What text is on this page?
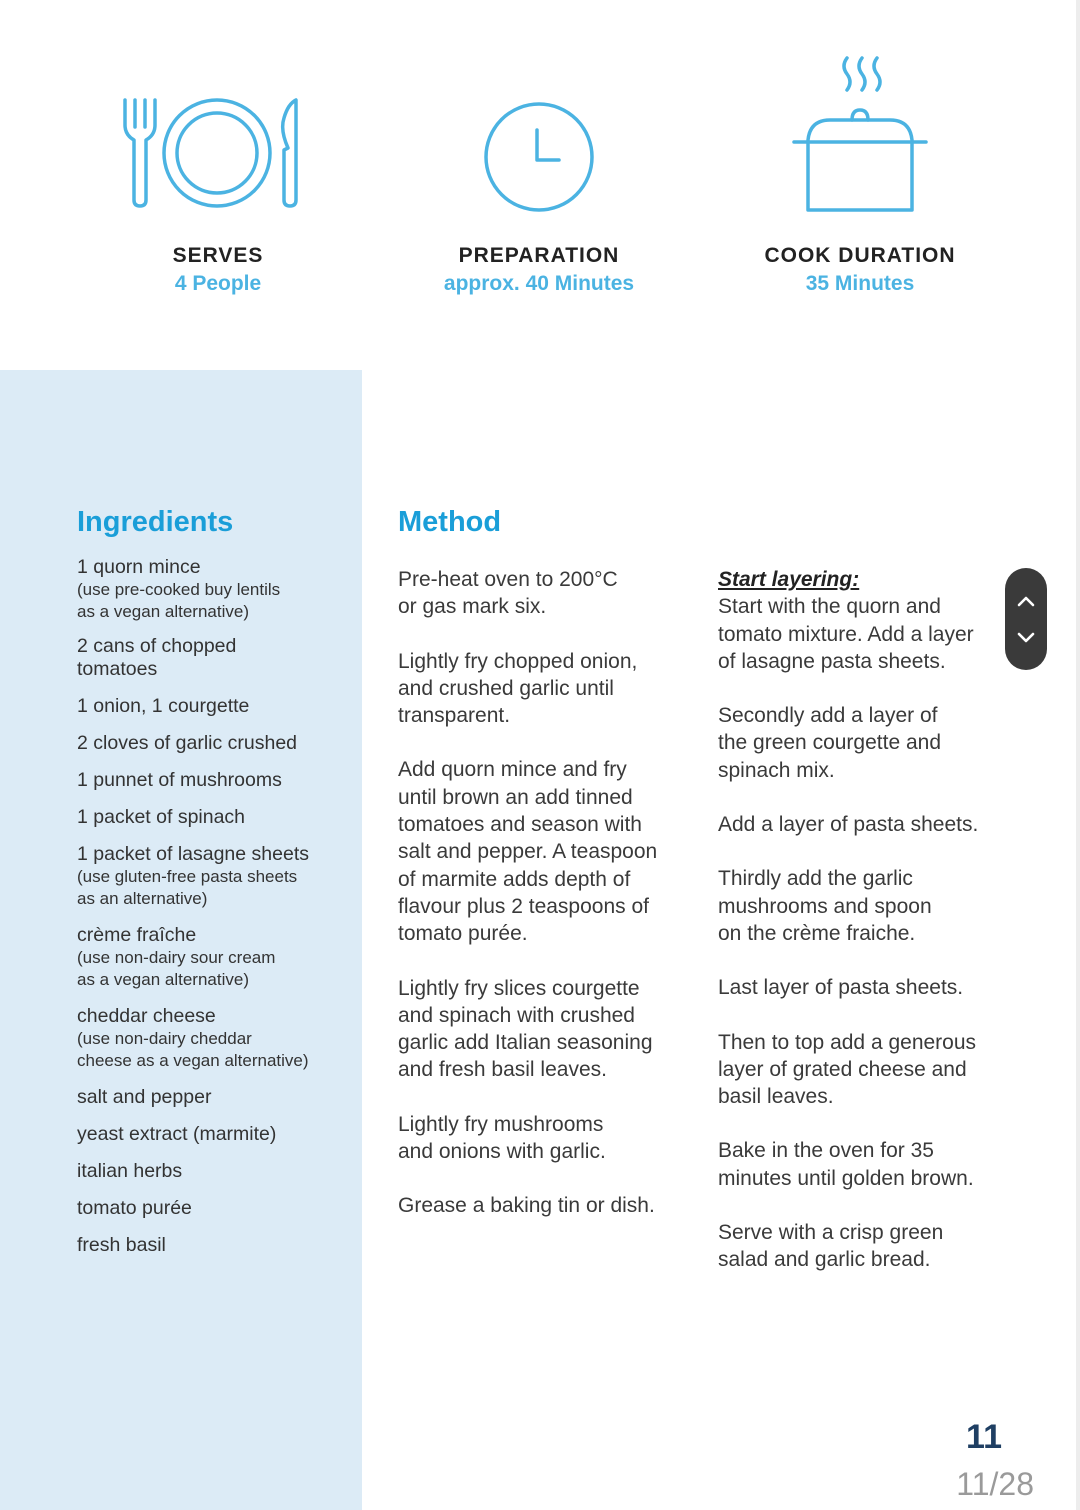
SERVES
4 People
PREPARATION
approx. 40 Minutes
COOK DURATION
35 Minutes
Ingredients
1 quorn mince
(use pre-cooked buy lentils
as a vegan alternative)
2 cans of chopped
tomatoes
1 onion, 1 courgette
2 cloves of garlic crushed
1 punnet of mushrooms
1 packet of spinach
1 packet of lasagne sheets
(use gluten-free pasta sheets
as an alternative)
crème fraîche
(use non-dairy sour cream
as a vegan alternative)
cheddar cheese
(use non-dairy cheddar
cheese as a vegan alternative)
salt and pepper
yeast extract (marmite)
italian herbs
tomato purée
fresh basil
Method
Pre-heat oven to 200°C
or gas mark six.
Lightly fry chopped onion,
and crushed garlic until
transparent.
Add quorn mince and fry
until brown an add tinned
tomatoes and season with
salt and pepper. A teaspoon
of marmite adds depth of
flavour plus 2 teaspoons of
tomato purée.
Lightly fry slices courgette
and spinach with crushed
garlic add Italian seasoning
and fresh basil leaves.
Lightly fry mushrooms
and onions with garlic.
Grease a baking tin or dish.
Start layering:
Start with the quorn and
tomato mixture. Add a layer
of lasagne pasta sheets.
Secondly add a layer of
the green courgette and
spinach mix.
Add a layer of pasta sheets.
Thirdly add the garlic
mushrooms and spoon
on the crème fraiche.
Last layer of pasta sheets.
Then to top add a generous
layer of grated cheese and
basil leaves.
Bake in the oven for 35
minutes until golden brown.
Serve with a crisp green
salad and garlic bread.
11
11/28
